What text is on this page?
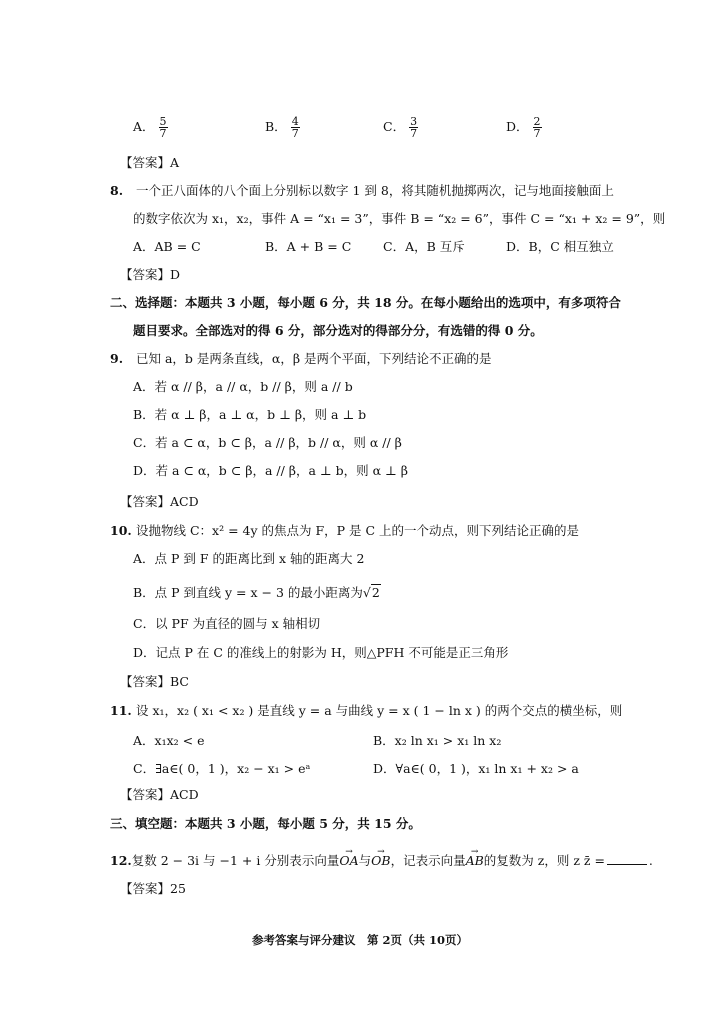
A． $\frac{5}{7}$	B． $\frac{4}{7}$	C． $\frac{3}{7}$	D． $\frac{2}{7}$
【答案】A
8. 一个正八面体的八个面上分别标以数字 1 到 8，将其随机抛掷两次，记与地面接触面上
的数字依次为 x₁，x₂，事件 A = “x₁ = 3”，事件 B = “x₂ = 6”，事件 C = “x₁ + x₂ = 9”，则
A．AB = C	B．A + B = C	C．A，B 互斥	D．B，C 相互独立
【答案】D
二、选择题：本题共 3 小题，每小题 6 分，共 18 分。在每小题给出的选项中，有多项符合
题目要求。全部选对的得 6 分，部分选对的得部分分，有选错的得 0 分。
9. 已知 a，b 是两条直线，α，β 是两个平面，下列结论不正确的是
A．若 α // β，a // α，b // β，则 a // b
B．若 α ⊥ β，a ⊥ α，b ⊥ β，则 a ⊥ b
C．若 a ⊂ α，b ⊂ β，a // β，b // α，则 α // β
D．若 a ⊂ α，b ⊂ β，a // β，a ⊥ b，则 α ⊥ β
【答案】ACD
10. 设抛物线 C：x² = 4y 的焦点为 F，P 是 C 上的一个动点，则下列结论正确的是
A．点 P 到 F 的距离比到 x 轴的距离大 2
B．点 P 到直线 y = x − 3 的最小距离为√2
C．以 PF 为直径的圆与 x 轴相切
D．记点 P 在 C 的准线上的射影为 H，则△PFH 不可能是正三角形
【答案】BC
11. 设 x₁，x₂ ( x₁ < x₂ ) 是直线 y = a 与曲线 y = x ( 1 − ln x ) 的两个交点的横坐标，则
A．x₁x₂ < e	B．x₂ ln x₁ > x₁ ln x₂
C．∃a∈( 0，1 )，x₂ − x₁ > eᵃ	D．∀a∈( 0，1 )，x₁ ln x₁ + x₂ > a
【答案】ACD
三、填空题：本题共 3 小题，每小题 5 分，共 15 分。
12.复数 2 − 3i 与 −1 + i 分别表示向量→ OA与→ OB，记表示向量→ AB的复数为 z，则 z z̄ =	.
【答案】25
参考答案与评分建议　第 2页（共 10页）
